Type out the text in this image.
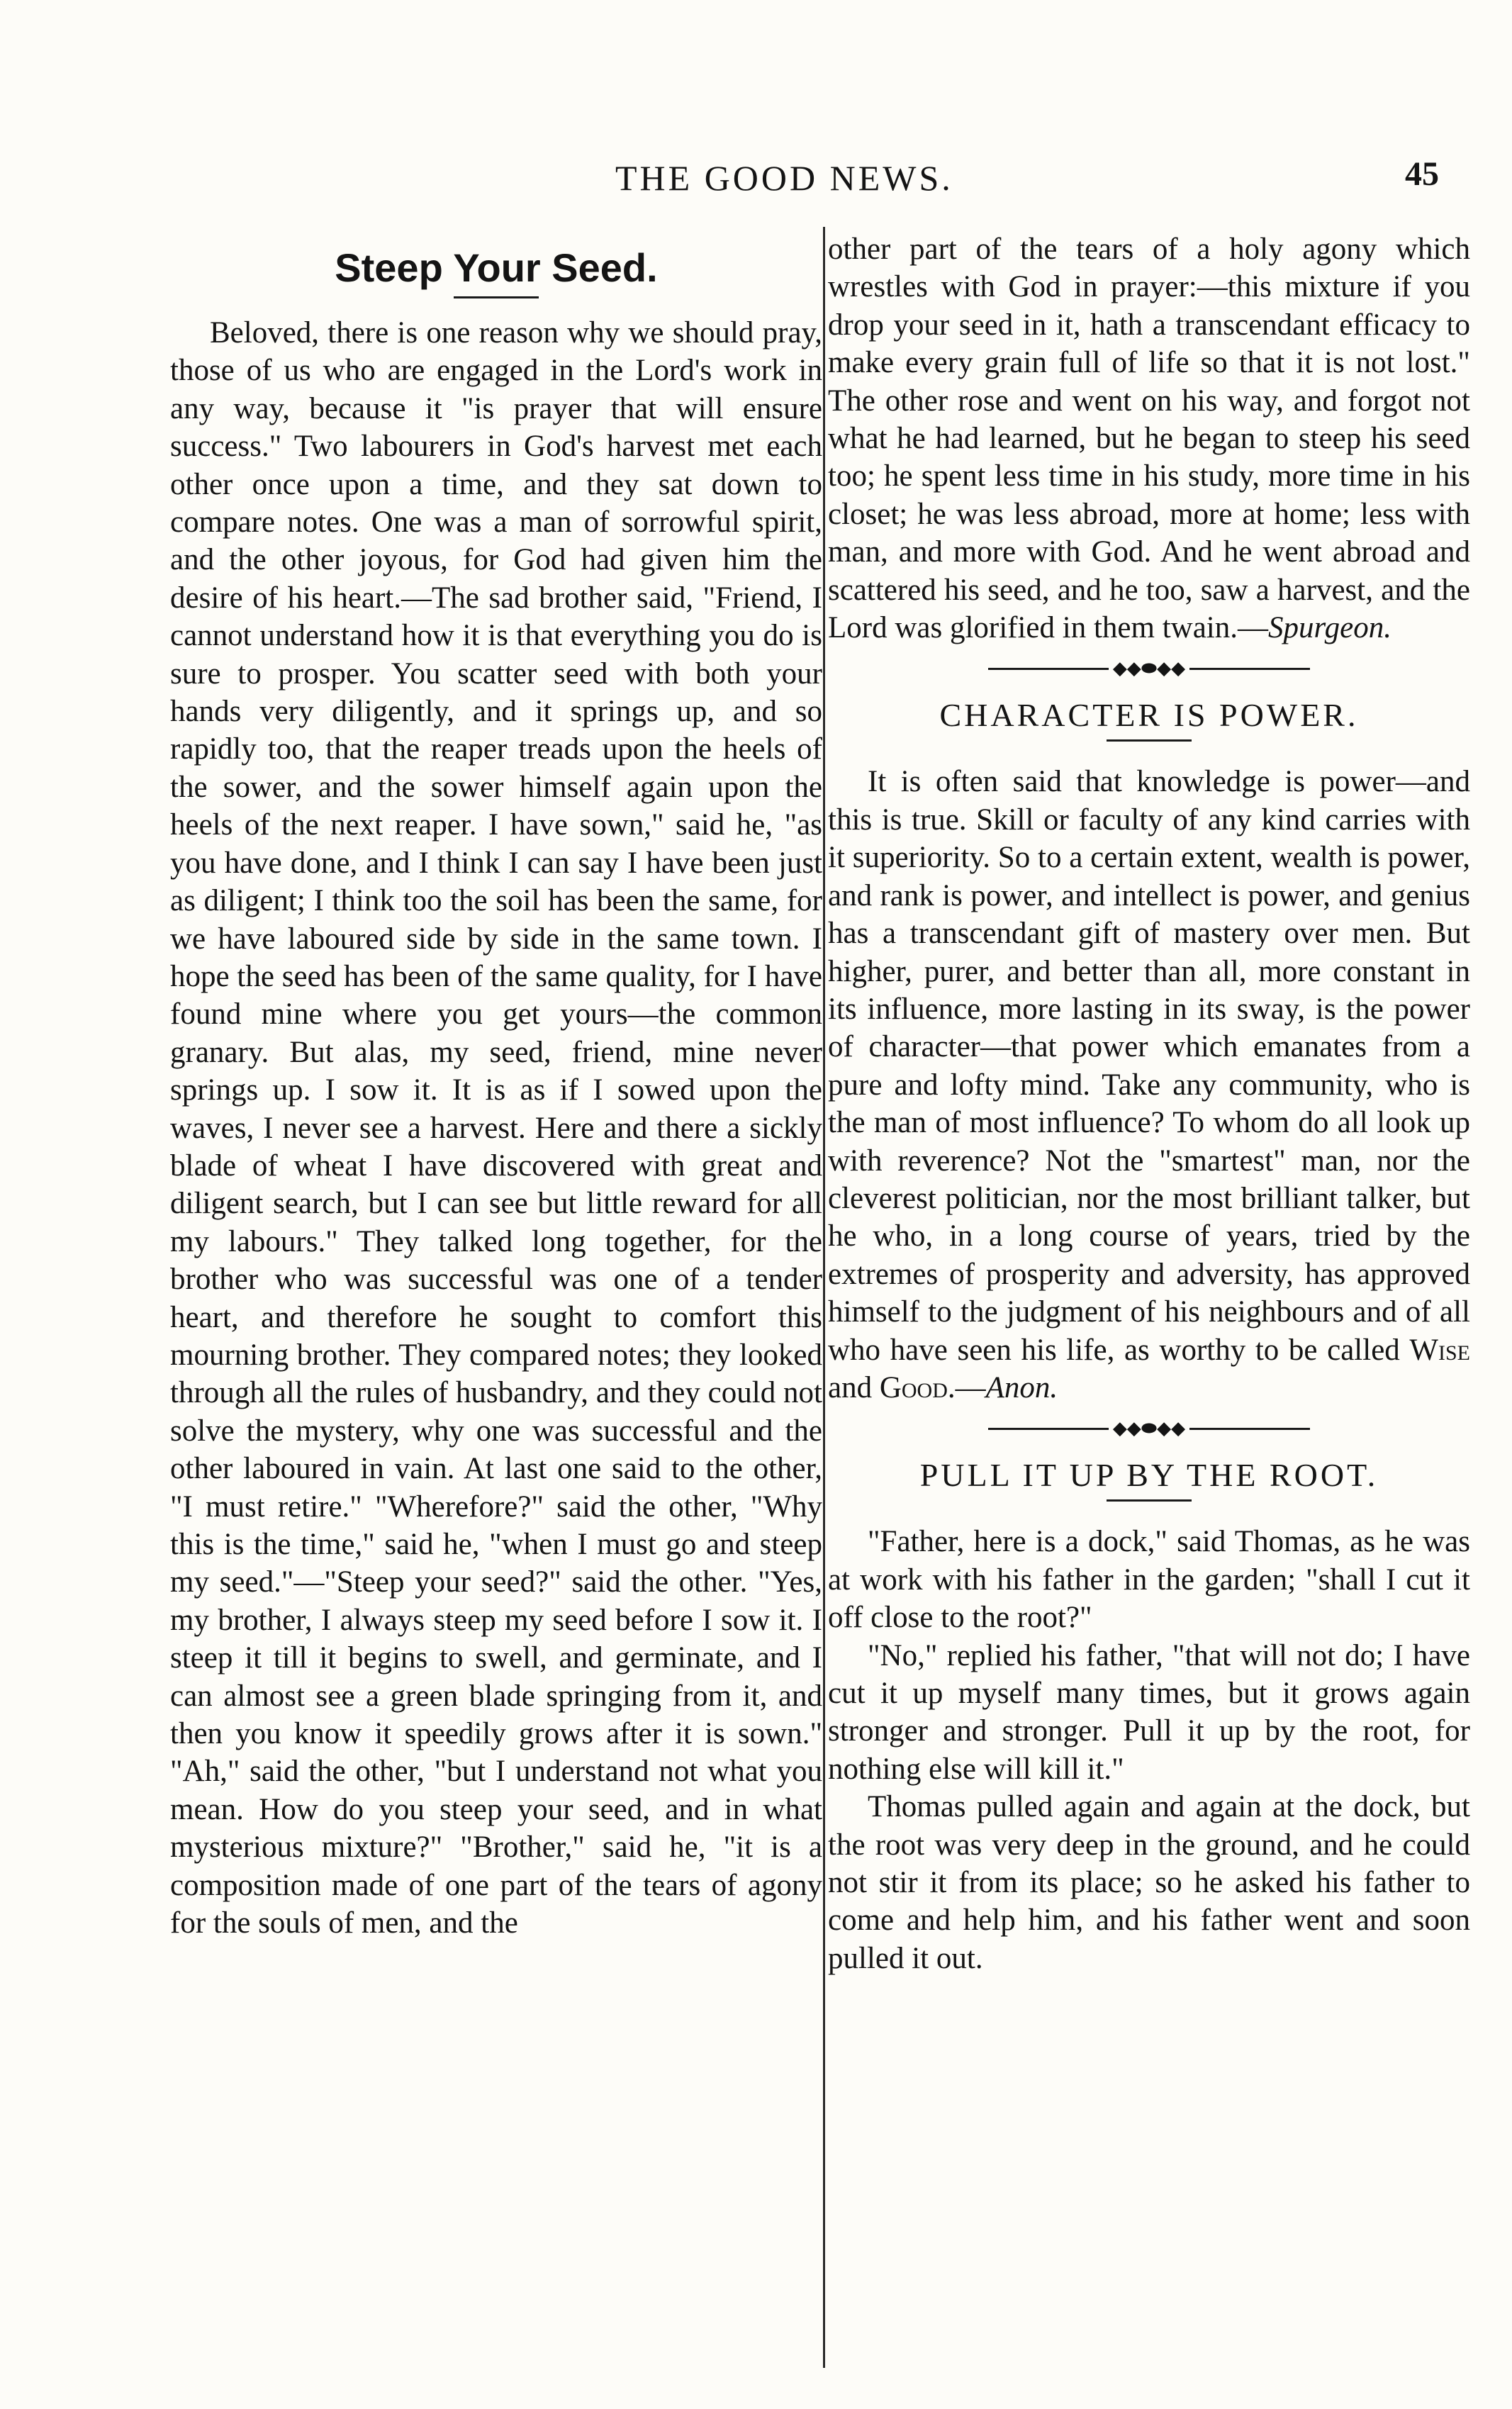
THE GOOD NEWS.	45
Steep Your Seed.

Beloved, there is one reason why we should pray, those of us who are engaged in the Lord's work in any way, because it "is prayer that will ensure success." Two labourers in God's harvest met each other once upon a time, and they sat down to compare notes. One was a man of sorrowful spirit, and the other joyous, for God had given him the desire of his heart.—The sad brother said, "Friend, I cannot understand how it is that everything you do is sure to prosper. You scatter seed with both your hands very diligently, and it springs up, and so rapidly too, that the reaper treads upon the heels of the sower, and the sower himself again upon the heels of the next reaper. I have sown," said he, "as you have done, and I think I can say I have been just as diligent; I think too the soil has been the same, for we have laboured side by side in the same town. I hope the seed has been of the same quality, for I have found mine where you get yours—the common granary. But alas, my seed, friend, mine never springs up. I sow it. It is as if I sowed upon the waves, I never see a harvest. Here and there a sickly blade of wheat I have discovered with great and diligent search, but I can see but little reward for all my labours." They talked long together, for the brother who was successful was one of a tender heart, and therefore he sought to comfort this mourning brother. They compared notes; they looked through all the rules of husbandry, and they could not solve the mystery, why one was successful and the other laboured in vain. At last one said to the other, "I must retire." "Wherefore?" said the other, "Why this is the time," said he, "when I must go and steep my seed."—"Steep your seed?" said the other. "Yes, my brother, I always steep my seed before I sow it. I steep it till it begins to swell, and germinate, and I can almost see a green blade springing from it, and then you know it speedily grows after it is sown." "Ah," said the other, "but I understand not what you mean. How do you steep your seed, and in what mysterious mixture?" "Brother," said he, "it is a composition made of one part of the tears of agony for the souls of men, and the

other part of the tears of a holy agony which wrestles with God in prayer:—this mixture if you drop your seed in it, hath a transcendant efficacy to make every grain full of life so that it is not lost." The other rose and went on his way, and forgot not what he had learned, but he began to steep his seed too; he spent less time in his study, more time in his closet; he was less abroad, more at home; less with man, and more with God. And he went abroad and scattered his seed, and he too, saw a harvest, and the Lord was glorified in them twain.—Spurgeon.

◆◆⬬◆◆
CHARACTER IS POWER.

It is often said that knowledge is power—and this is true. Skill or faculty of any kind carries with it superiority. So to a certain extent, wealth is power, and rank is power, and intellect is power, and genius has a transcendant gift of mastery over men. But higher, purer, and better than all, more constant in its influence, more lasting in its sway, is the power of character—that power which emanates from a pure and lofty mind. Take any community, who is the man of most influence? To whom do all look up with reverence? Not the "smartest" man, nor the cleverest politician, nor the most brilliant talker, but he who, in a long course of years, tried by the extremes of prosperity and adversity, has approved himself to the judgment of his neighbours and of all who have seen his life, as worthy to be called Wise and Good.—Anon.

◆◆⬬◆◆
PULL IT UP BY THE ROOT.

"Father, here is a dock," said Thomas, as he was at work with his father in the garden; "shall I cut it off close to the root?"

"No," replied his father, "that will not do; I have cut it up myself many times, but it grows again stronger and stronger. Pull it up by the root, for nothing else will kill it."

Thomas pulled again and again at the dock, but the root was very deep in the ground, and he could not stir it from its place; so he asked his father to come and help him, and his father went and soon pulled it out.
